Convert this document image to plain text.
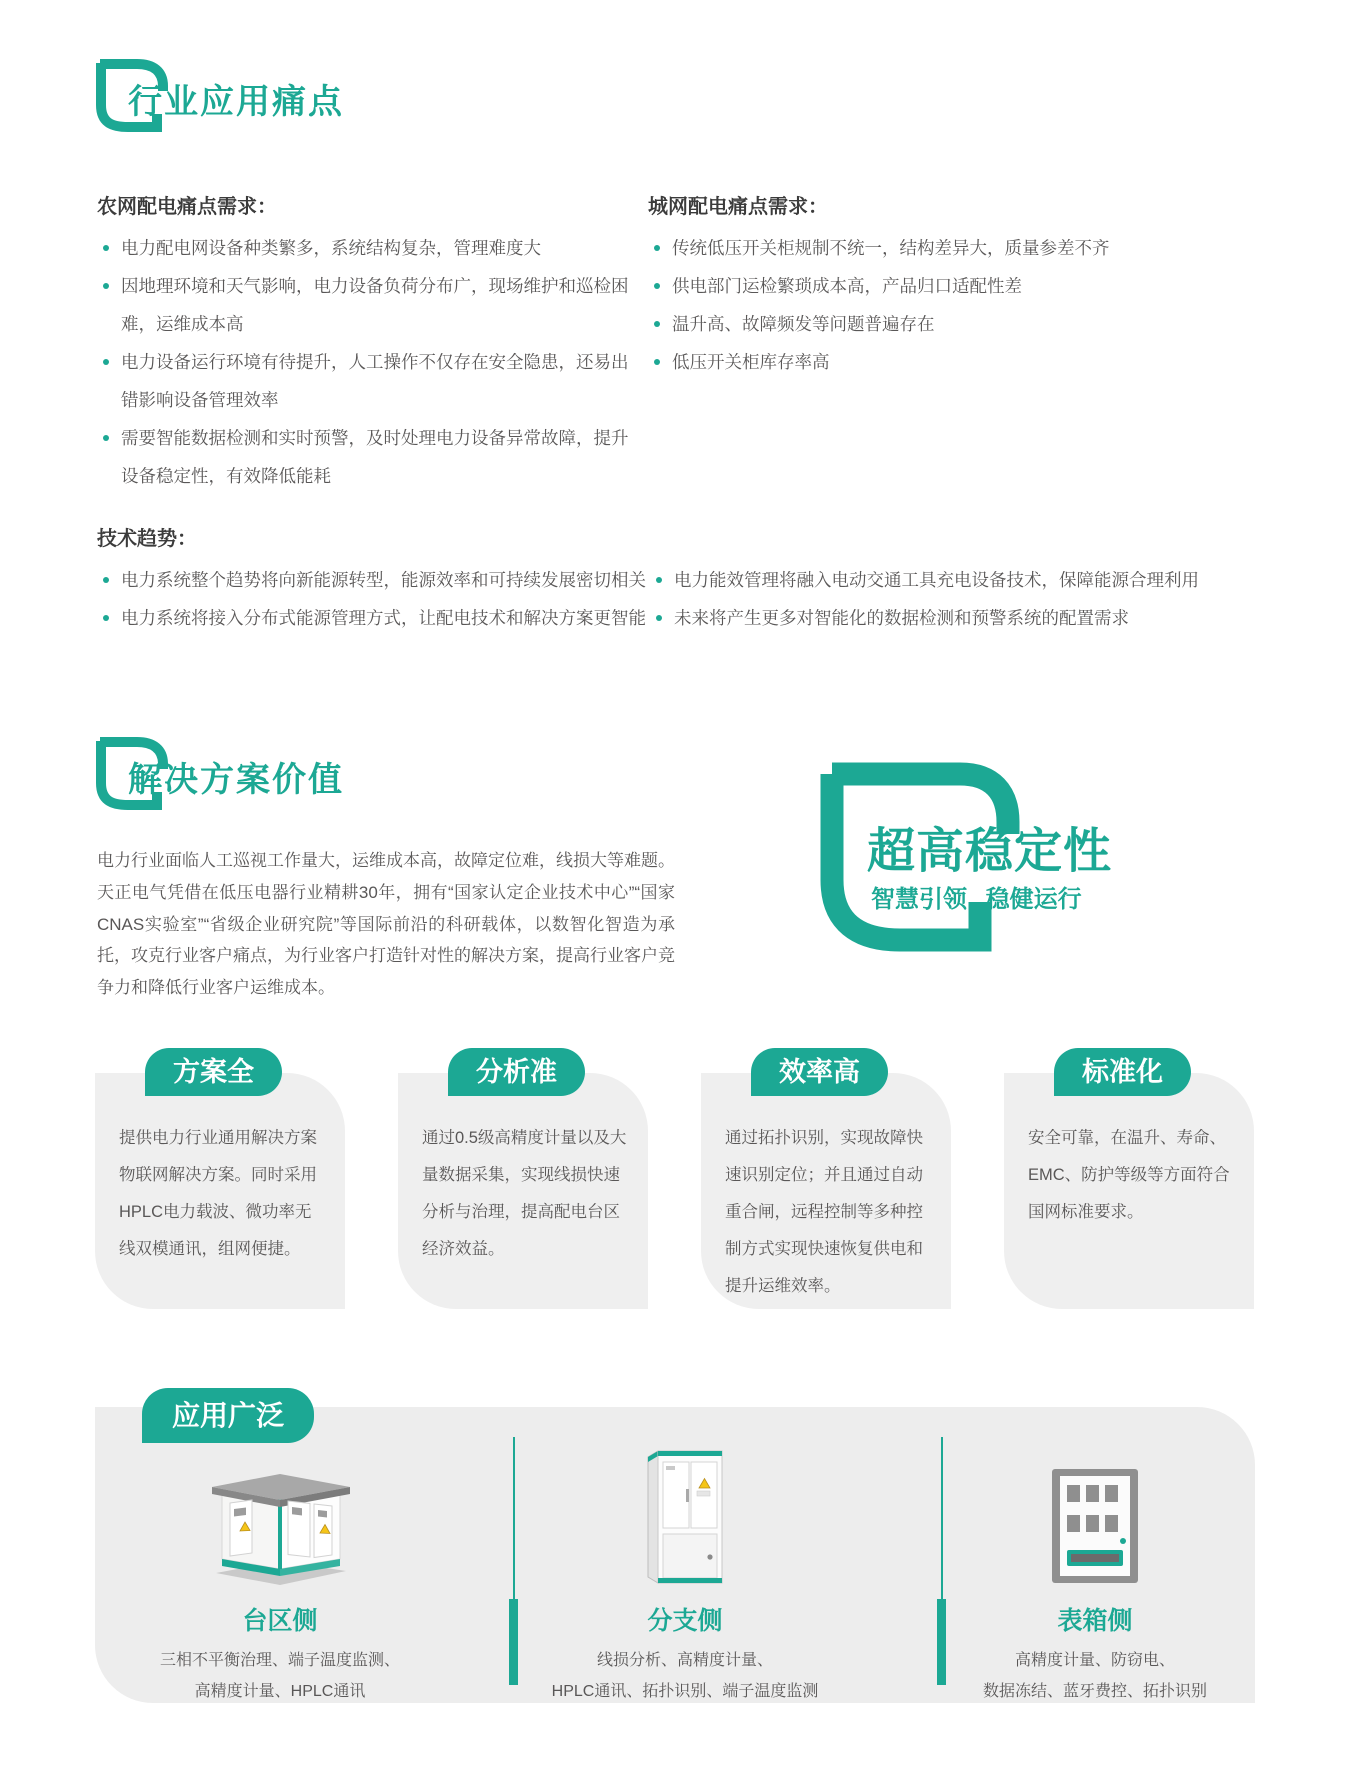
行业应用痛点
农网配电痛点需求：
电力配电网设备种类繁多，系统结构复杂，管理难度大
因地理环境和天气影响，电力设备负荷分布广，现场维护和巡检困难，运维成本高
电力设备运行环境有待提升，人工操作不仅存在安全隐患，还易出错影响设备管理效率
需要智能数据检测和实时预警，及时处理电力设备异常故障，提升设备稳定性，有效降低能耗
城网配电痛点需求：
传统低压开关柜规制不统一，结构差异大，质量参差不齐
供电部门运检繁琐成本高，产品归口适配性差
温升高、故障频发等问题普遍存在
低压开关柜库存率高
技术趋势：
电力系统整个趋势将向新能源转型，能源效率和可持续发展密切相关
电力系统将接入分布式能源管理方式，让配电技术和解决方案更智能
电力能效管理将融入电动交通工具充电设备技术，保障能源合理利用
未来将产生更多对智能化的数据检测和预警系统的配置需求
解决方案价值

电力行业面临人工巡视工作量大，运维成本高，故障定位难，线损大等难题。天正电气凭借在低压电器行业精耕30年，拥有“国家认定企业技术中心”“国家CNAS实验室”“省级企业研究院”等国际前沿的科研载体，以数智化智造为承托，攻克行业客户痛点，为行业客户打造针对性的解决方案，提高行业客户竞争力和降低行业客户运维成本。

超高稳定性

智慧引领 稳健运行

方案全

提供电力行业通用解决方案物联网解决方案。同时采用HPLC电力载波、微功率无线双模通讯，组网便捷。

分析准

通过0.5级高精度计量以及大量数据采集，实现线损快速分析与治理，提高配电台区经济效益。

效率高

通过拓扑识别，实现故障快速识别定位；并且通过自动重合闸，远程控制等多种控制方式实现快速恢复供电和提升运维效率。

标准化

安全可靠，在温升、寿命、EMC、防护等级等方面符合国网标准要求。

应用广泛
台区侧

三相不平衡治理、端子温度监测、
高精度计量、HPLC通讯

分支侧

线损分析、高精度计量、
HPLC通讯、拓扑识别、端子温度监测

表箱侧

高精度计量、防窃电、
数据冻结、蓝牙费控、拓扑识别
